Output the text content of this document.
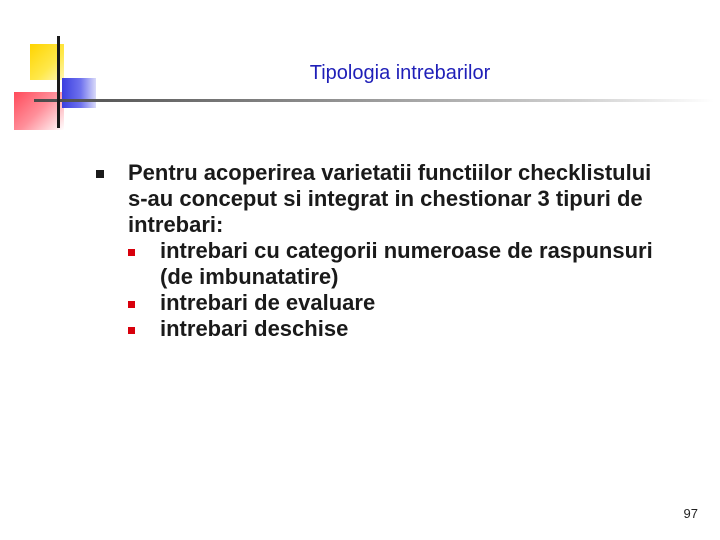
Tipologia intrebarilor
Pentru acoperirea varietatii functiilor checklistului s-au conceput si integrat in chestionar 3 tipuri de intrebari:
intrebari cu categorii numeroase de raspunsuri (de imbunatatire)
intrebari de evaluare
intrebari deschise
97
